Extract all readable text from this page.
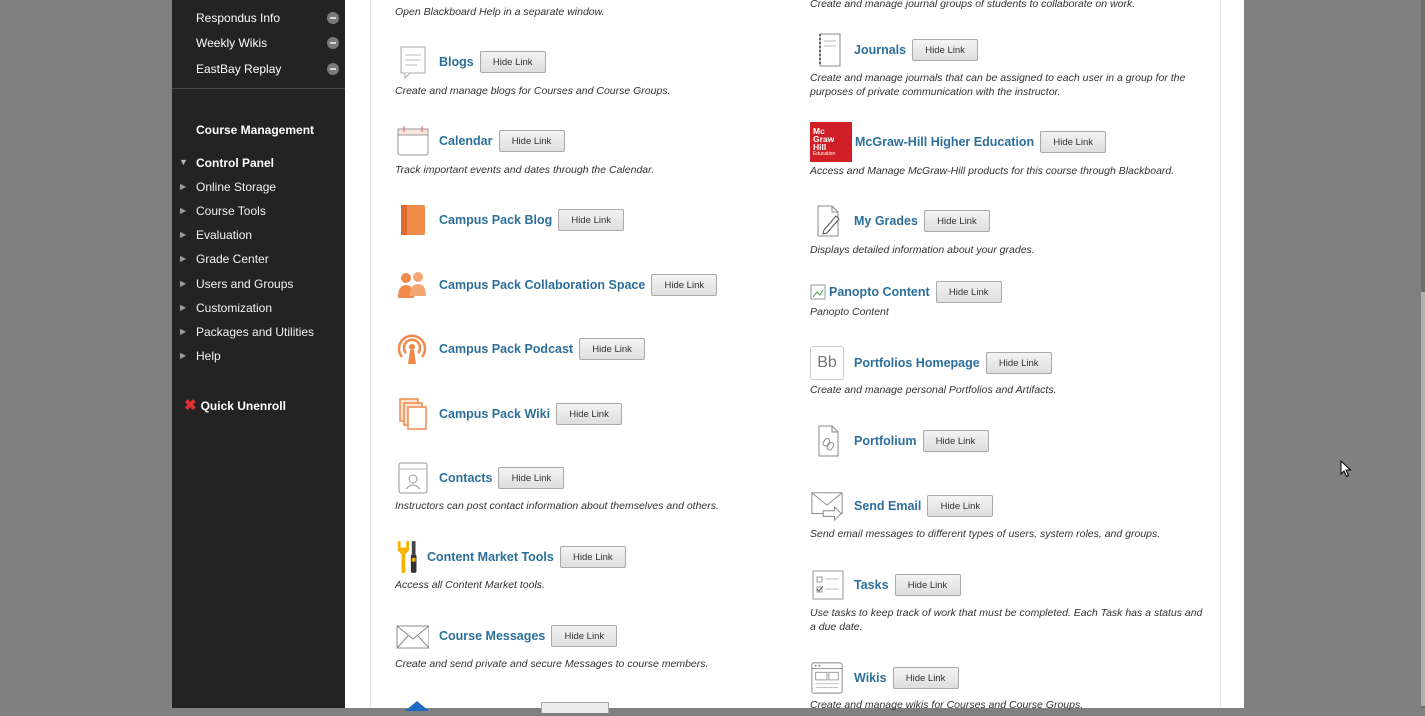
Respondus Info
Weekly Wikis
EastBay Replay
Course Management
▼ Control Panel
▶ Online Storage
▶ Course Tools
▶ Evaluation
▶ Grade Center
▶ Users and Groups
▶ Customization
▶ Packages and Utilities
▶ Help
✖ Quick Unenroll
Open Blackboard Help in a separate window.
Blogs	Hide Link
Create and manage blogs for Courses and Course Groups.
Calendar	Hide Link
Track important events and dates through the Calendar.
Campus Pack Blog	Hide Link
Campus Pack Collaboration Space	Hide Link
Campus Pack Podcast	Hide Link
Campus Pack Wiki	Hide Link
Contacts	Hide Link
Instructors can post contact information about themselves and others.
Content Market Tools	Hide Link
Access all Content Market tools.
Course Messages	Hide Link
Create and send private and secure Messages to course members.
Create and manage journal groups of students to collaborate on work.
Journals	Hide Link
Create and manage journals that can be assigned to each user in a group for the purposes of private communication with the instructor.
Mc
Graw
Hill
Education
McGraw-Hill Higher Education	Hide Link
Access and Manage McGraw-Hill products for this course through Blackboard.
My Grades	Hide Link
Displays detailed information about your grades.
Panopto Content	Hide Link
Panopto Content
Bb	Portfolios Homepage	Hide Link
Create and manage personal Portfolios and Artifacts.
Portfolium	Hide Link
Send Email	Hide Link
Send email messages to different types of users, system roles, and groups.
Tasks	Hide Link
Use tasks to keep track of work that must be completed. Each Task has a status and a due date.
Wikis	Hide Link
Create and manage wikis for Courses and Course Groups.
